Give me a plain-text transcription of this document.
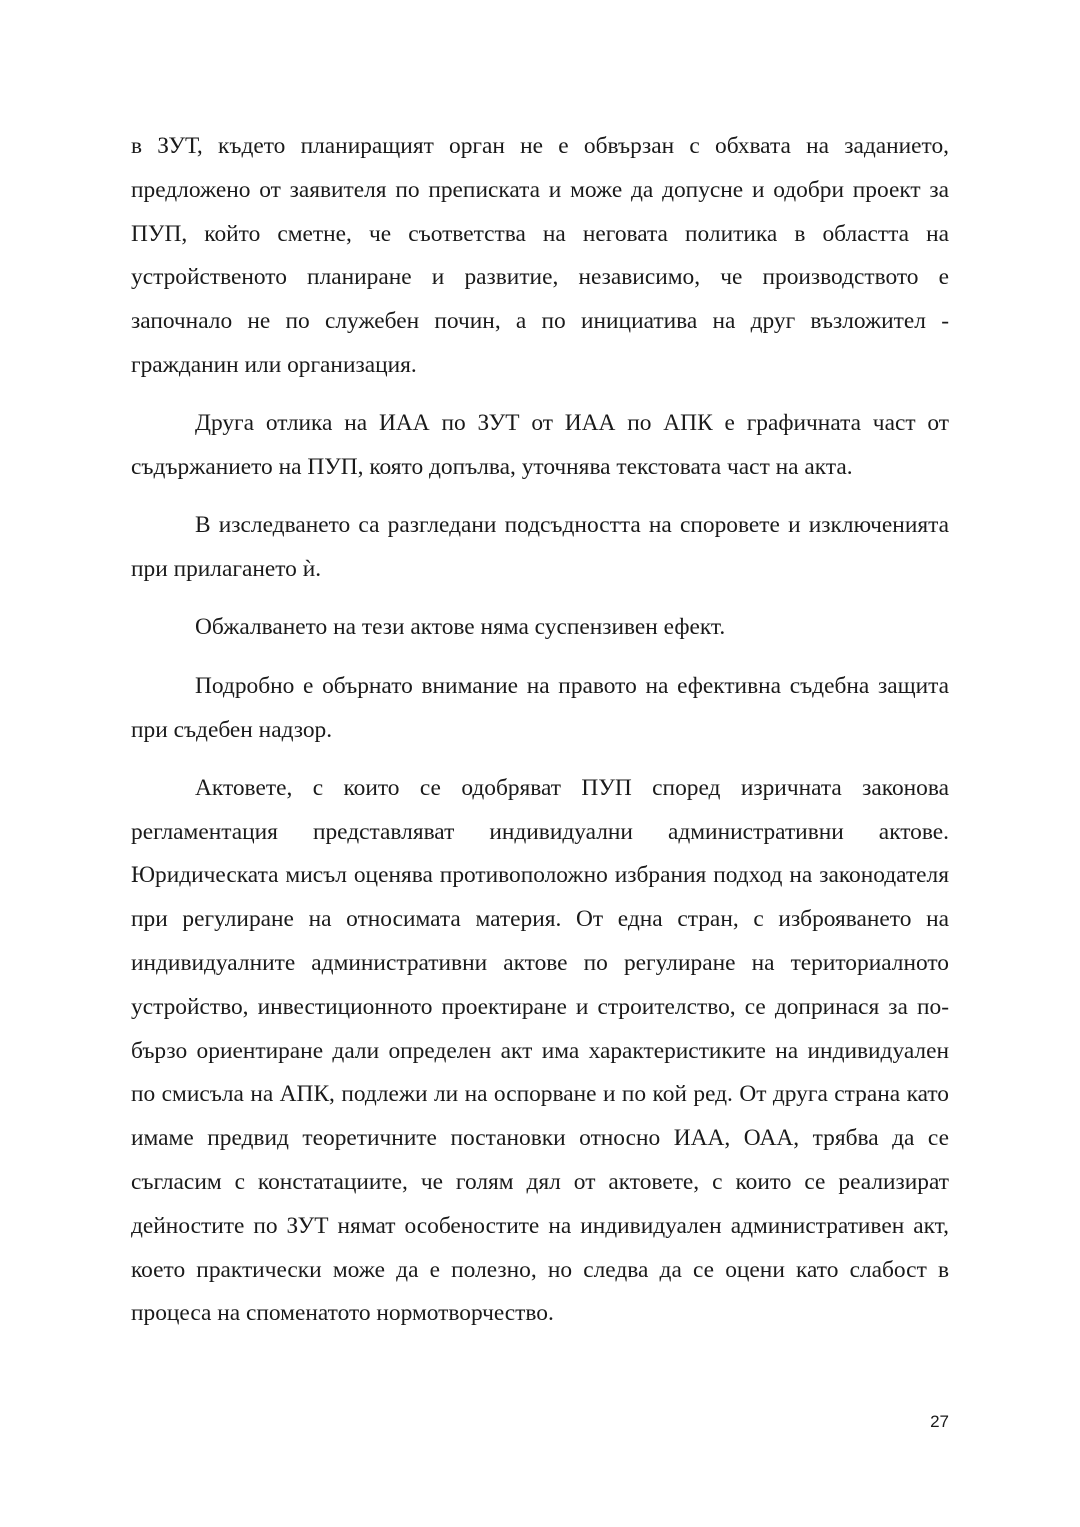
в ЗУТ, където планиращият орган не е обвързан с обхвата на заданието, предложено от заявителя по преписката и може да допусне и одобри проект за ПУП, който сметне, че съответства на неговата политика в областта на устройственото планиране и развитие, независимо, че производството е започнало не по служебен почин, а по инициатива на друг възложител - гражданин или организация.

Друга отлика на ИАА по ЗУТ от ИАА по АПК е графичната част от съдържанието на ПУП, която допълва, уточнява текстовата част на акта.

В изследването са разгледани подсъдността на споровете и изключенията при прилагането ѝ.

Обжалването на тези актове няма суспензивен ефект.

Подробно е обърнато внимание на правото на ефективна съдебна защита при съдебен надзор.

Актовете, с които се одобряват ПУП според изричната законова регламентация представляват индивидуални административни актове. Юридическата мисъл оценява противоположно избрания подход на законодателя при регулиране на относимата материя. От една стран, с изброяването на индивидуалните административни актове по регулиране на териториалното устройство, инвестиционното проектиране и строителство, се допринася за по-бързо ориентиране дали определен акт има характеристиките на индивидуален по смисъла на АПК, подлежи ли на оспорване и по кой ред. От друга страна като имаме предвид теоретичните постановки относно ИАА, ОАА, трябва да се съгласим с констатациите, че голям дял от актовете, с които се реализират дейностите по ЗУТ нямат особеностите на индивидуален административен акт, което практически може да е полезно, но следва да се оцени като слабост в процеса на споменатото нормотворчество.

27
